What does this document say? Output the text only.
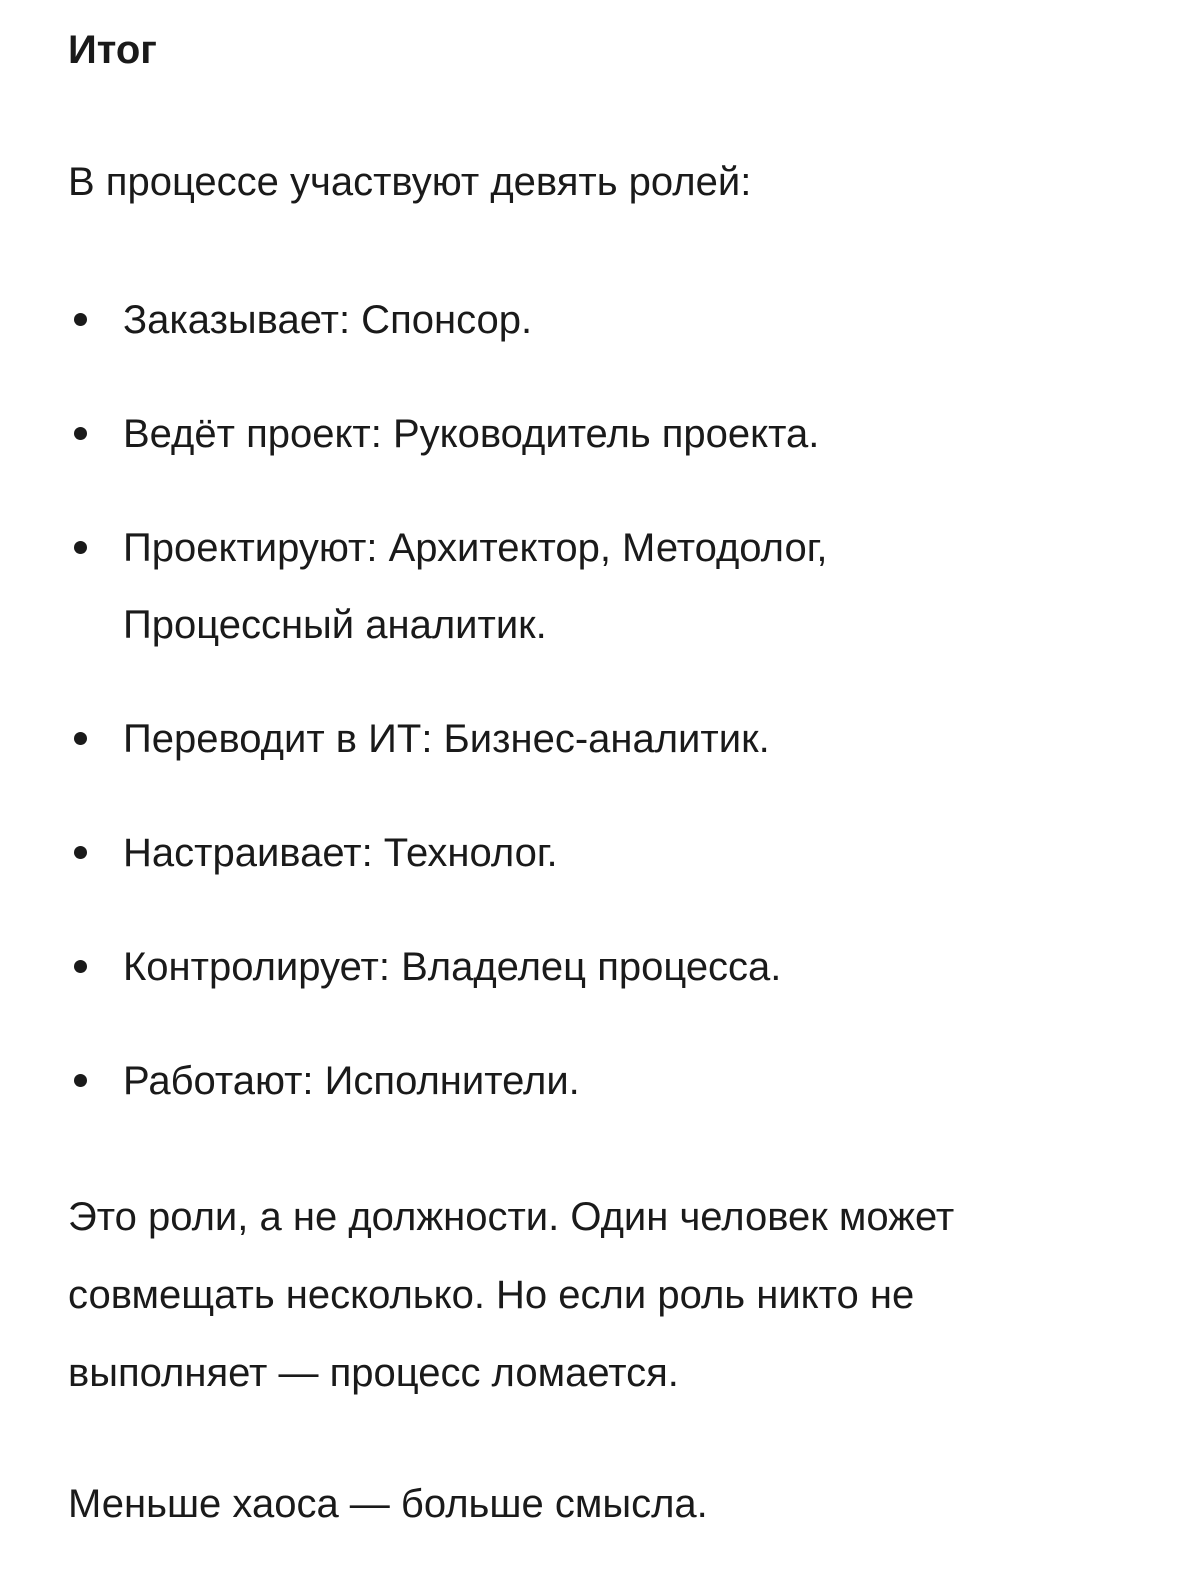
Итог

В процессе участвуют девять ролей:

Заказывает: Спонсор.
Ведёт проект: Руководитель проекта.
Проектируют: Архитектор, Методолог, Процессный аналитик.
Переводит в ИТ: Бизнес-аналитик.
Настраивает: Технолог.
Контролирует: Владелец процесса.
Работают: Исполнители.

Это роли, а не должности. Один человек может совмещать несколько. Но если роль никто не выполняет — процесс ломается.

Меньше хаоса — больше смысла.
